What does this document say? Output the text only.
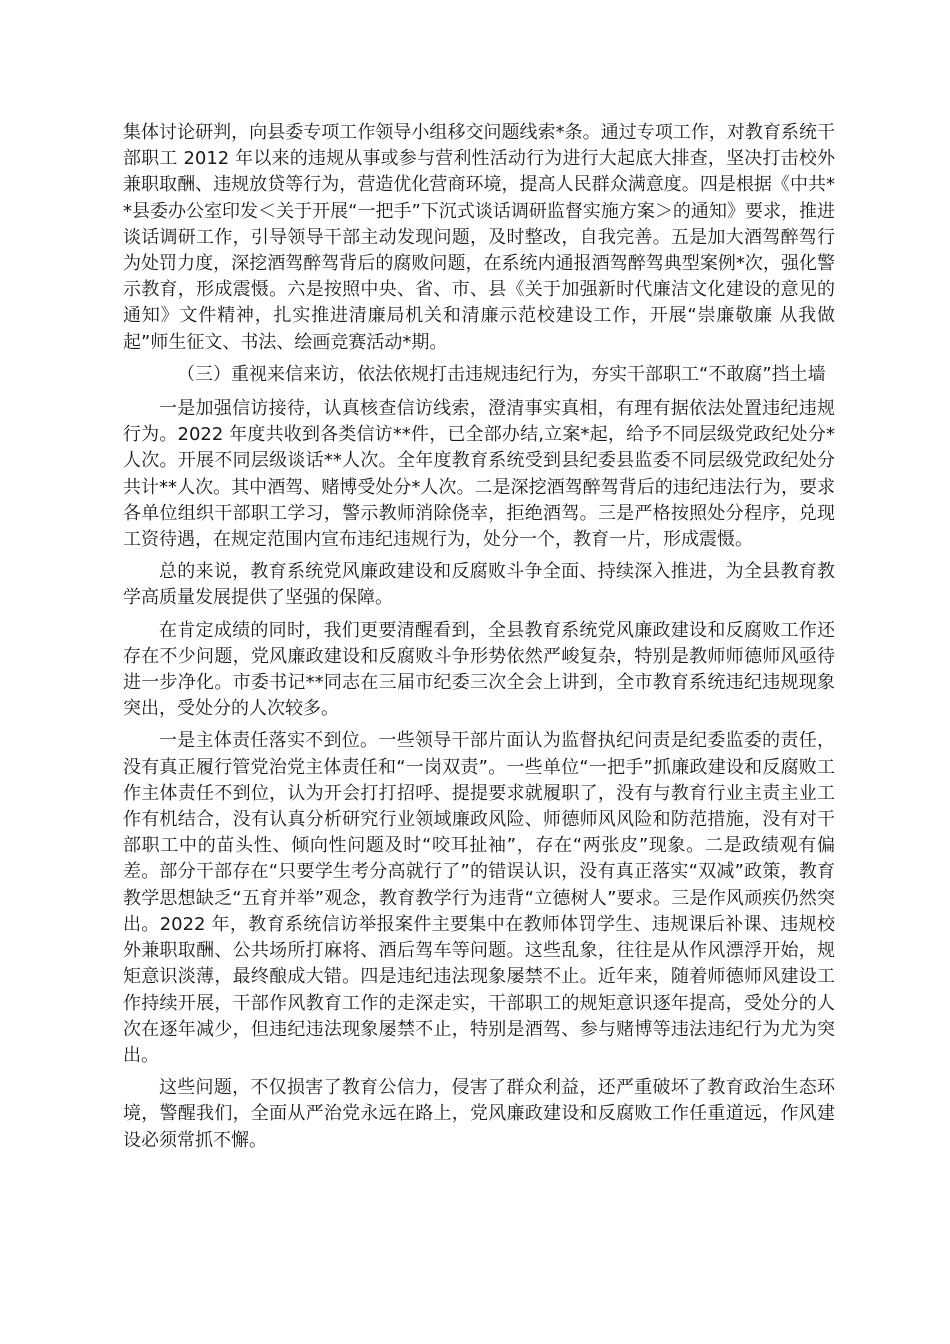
集体讨论研判，向县委专项工作领导小组移交问题线索*条。通过专项工作，对教育系统干部职工 2012 年以来的违规从事或参与营利性活动行为进行大起底大排查，坚决打击校外兼职取酬、违规放贷等行为，营造优化营商环境，提高人民群众满意度。四是根据《中共**县委办公室印发＜关于开展“一把手”下沉式谈话调研监督实施方案＞的通知》要求，推进谈话调研工作，引导领导干部主动发现问题，及时整改，自我完善。五是加大酒驾醉驾行为处罚力度，深挖酒驾醉驾背后的腐败问题，在系统内通报酒驾醉驾典型案例*次，强化警示教育，形成震慑。六是按照中央、省、市、县《关于加强新时代廉洁文化建设的意见的通知》文件精神，扎实推进清廉局机关和清廉示范校建设工作，开展“崇廉敬廉 从我做起”师生征文、书法、绘画竞赛活动*期。

（三）重视来信来访，依法依规打击违规违纪行为，夯实干部职工“不敢腐”挡土墙

一是加强信访接待，认真核查信访线索，澄清事实真相，有理有据依法处置违纪违规行为。2022 年度共收到各类信访**件，已全部办结,立案*起，给予不同层级党政纪处分*人次。开展不同层级谈话**人次。全年度教育系统受到县纪委县监委不同层级党政纪处分共计**人次。其中酒驾、赌博受处分*人次。二是深挖酒驾醉驾背后的违纪违法行为，要求各单位组织干部职工学习，警示教师消除侥幸，拒绝酒驾。三是严格按照处分程序，兑现工资待遇，在规定范围内宣布违纪违规行为，处分一个，教育一片，形成震慑。

总的来说，教育系统党风廉政建设和反腐败斗争全面、持续深入推进，为全县教育教学高质量发展提供了坚强的保障。

在肯定成绩的同时，我们更要清醒看到，全县教育系统党风廉政建设和反腐败工作还存在不少问题，党风廉政建设和反腐败斗争形势依然严峻复杂，特别是教师师德师风亟待进一步净化。市委书记**同志在三届市纪委三次全会上讲到，全市教育系统违纪违规现象突出，受处分的人次较多。

一是主体责任落实不到位。一些领导干部片面认为监督执纪问责是纪委监委的责任，没有真正履行管党治党主体责任和“一岗双责”。一些单位“一把手”抓廉政建设和反腐败工作主体责任不到位，认为开会打打招呼、提提要求就履职了，没有与教育行业主责主业工作有机结合，没有认真分析研究行业领域廉政风险、师德师风风险和防范措施，没有对干部职工中的苗头性、倾向性问题及时“咬耳扯袖”，存在“两张皮”现象。二是政绩观有偏差。部分干部存在“只要学生考分高就行了”的错误认识，没有真正落实“双减”政策，教育教学思想缺乏“五育并举”观念，教育教学行为违背“立德树人”要求。三是作风顽疾仍然突出。2022 年，教育系统信访举报案件主要集中在教师体罚学生、违规课后补课、违规校外兼职取酬、公共场所打麻将、酒后驾车等问题。这些乱象，往往是从作风漂浮开始，规矩意识淡薄，最终酿成大错。四是违纪违法现象屡禁不止。近年来，随着师德师风建设工作持续开展，干部作风教育工作的走深走实，干部职工的规矩意识逐年提高，受处分的人次在逐年减少，但违纪违法现象屡禁不止，特别是酒驾、参与赌博等违法违纪行为尤为突出。

这些问题，不仅损害了教育公信力，侵害了群众利益，还严重破坏了教育政治生态环境，警醒我们，全面从严治党永远在路上，党风廉政建设和反腐败工作任重道远，作风建设必须常抓不懈。
